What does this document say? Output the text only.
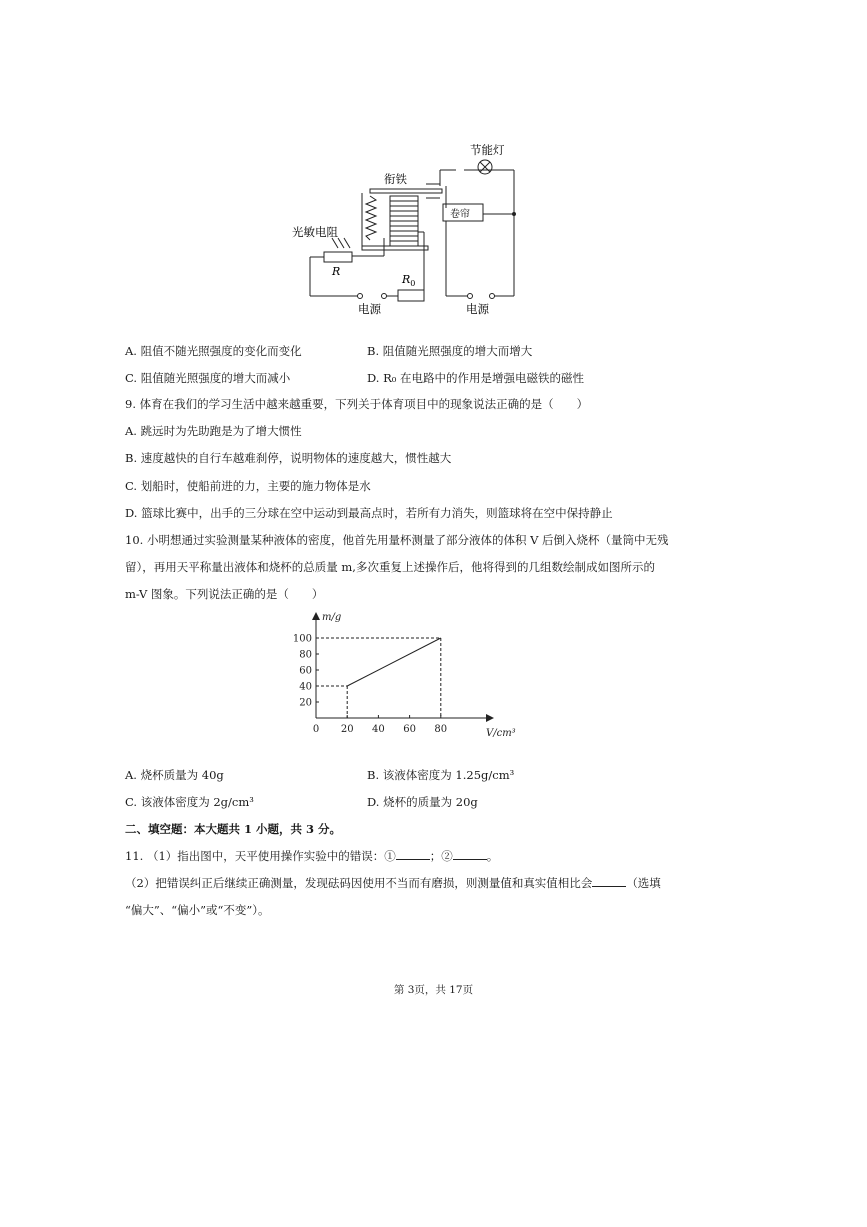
节能灯
衔铁
光敏电阻
R
$R_0$
卷帘
电源	电源
A. 阻值不随光照强度的变化而变化	B. 阻值随光照强度的增大而增大
C. 阻值随光照强度的增大而减小	D. R₀ 在电路中的作用是增强电磁铁的磁性
9. 体育在我们的学习生活中越来越重要，下列关于体育项目中的现象说法正确的是（　　）
A. 跳远时为先助跑是为了增大惯性
B. 速度越快的自行车越难刹停，说明物体的速度越大，惯性越大
C. 划船时，使船前进的力，主要的施力物体是水
D. 篮球比赛中，出手的三分球在空中运动到最高点时，若所有力消失，则篮球将在空中保持静止
10. 小明想通过实验测量某种液体的密度，他首先用量杯测量了部分液体的体积 V 后倒入烧杯（量筒中无残
留），再用天平称量出液体和烧杯的总质量 m,多次重复上述操作后，他将得到的几组数绘制成如图所示的
m-V 图象。下列说法正确的是（　　）
0 20 40 60 80
20
40
60
80
100
m/g
V/cm³
A. 烧杯质量为 40g	B. 该液体密度为 1.25g/cm³
C. 该液体密度为 2g/cm³	D. 烧杯的质量为 20g
二、填空题：本大题共 1 小题，共 3 分。
11. （1）指出图中，天平使用操作实验中的错误：①	；②	。
（2）把错误纠正后继续正确测量，发现砝码因使用不当而有磨损，则测量值和真实值相比会	（选填
“偏大”、“偏小”或“不变”）。
第 3页，共 17页
